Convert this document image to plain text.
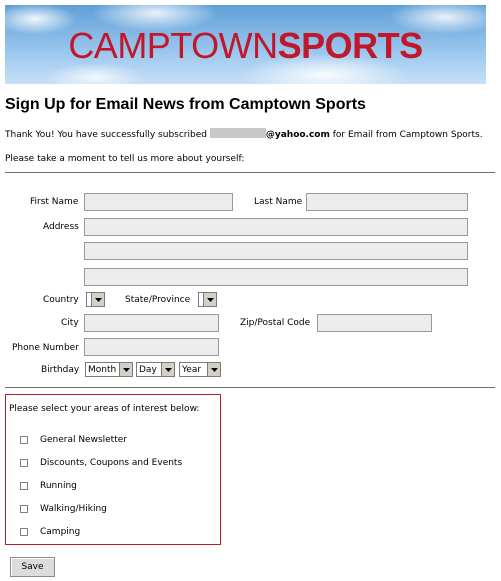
CAMPTOWNSPORTS
Sign Up for Email News from Camptown Sports
Thank You! You have successfully subscribed	@yahoo.com for Email from Camptown Sports.
Please take a moment to tell us more about yourself:
First Name	Last Name
Address
Country	State/Province
City	Zip/Postal Code
Phone Number
Birthday Month	Day	Year
Please select your areas of interest below:
General Newsletter
Discounts, Coupons and Events
Running
Walking/Hiking
Camping
Save
